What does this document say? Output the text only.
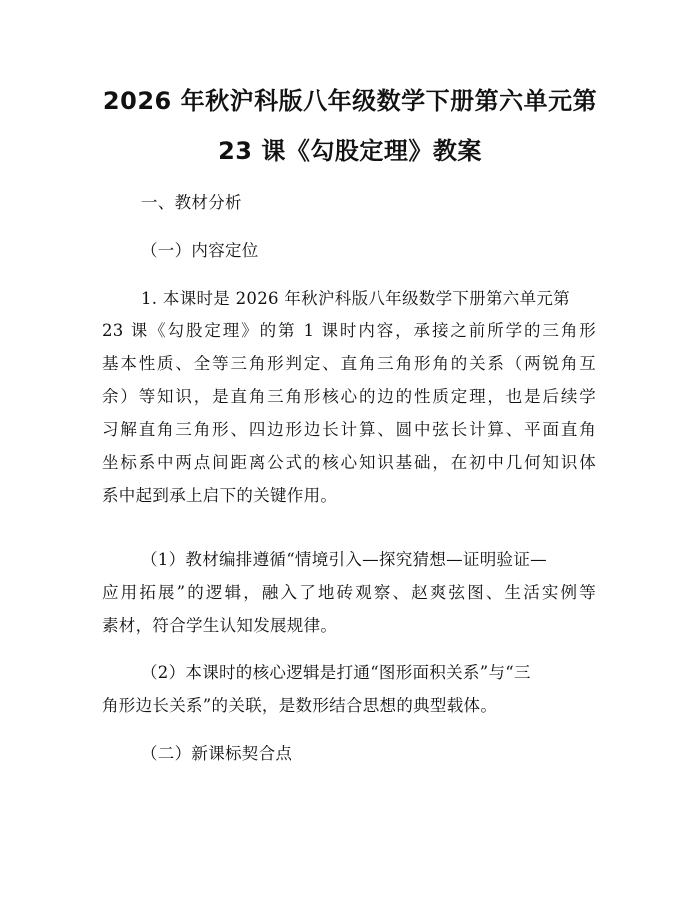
2026 年秋沪科版八年级数学下册第六单元第
23 课《勾股定理》教案
一、教材分析
（一）内容定位
1. 本课时是 2026 年秋沪科版八年级数学下册第六单元第
23 课《勾股定理》的第 1 课时内容，承接之前所学的三角形
基本性质、全等三角形判定、直角三角形角的关系（两锐角互
余）等知识，是直角三角形核心的边的性质定理，也是后续学
习解直角三角形、四边形边长计算、圆中弦长计算、平面直角
坐标系中两点间距离公式的核心知识基础，在初中几何知识体
系中起到承上启下的关键作用。
（1）教材编排遵循“情境引入—探究猜想—证明验证—
应用拓展”的逻辑，融入了地砖观察、赵爽弦图、生活实例等
素材，符合学生认知发展规律。
（2）本课时的核心逻辑是打通“图形面积关系”与“三
角形边长关系”的关联，是数形结合思想的典型载体。
（二）新课标契合点
